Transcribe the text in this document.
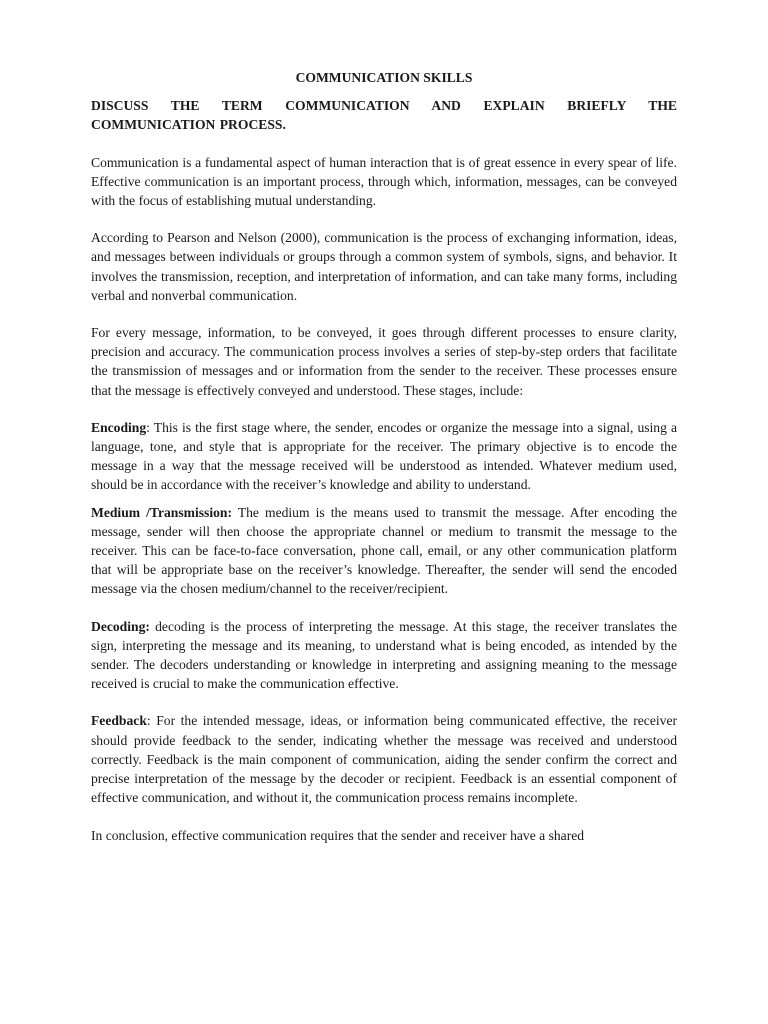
COMMUNICATION SKILLS
DISCUSS THE TERM COMMUNICATION AND EXPLAIN BRIEFLY THE COMMUNICATION PROCESS.

Communication is a fundamental aspect of human interaction that is of great essence in every spear of life. Effective communication is an important process, through which, information, messages, can be conveyed with the focus of establishing mutual understanding.

According to Pearson and Nelson (2000), communication is the process of exchanging information, ideas, and messages between individuals or groups through a common system of symbols, signs, and behavior. It involves the transmission, reception, and interpretation of information, and can take many forms, including verbal and nonverbal communication.

For every message, information, to be conveyed, it goes through different processes to ensure clarity, precision and accuracy. The communication process involves a series of step-by-step orders that facilitate the transmission of messages and or information from the sender to the receiver. These processes ensure that the message is effectively conveyed and understood. These stages, include:

Encoding: This is the first stage where, the sender, encodes or organize the message into a signal, using a language, tone, and style that is appropriate for the receiver. The primary objective is to encode the message in a way that the message received will be understood as intended. Whatever medium used, should be in accordance with the receiver’s knowledge and ability to understand.

Medium /Transmission: The medium is the means used to transmit the message. After encoding the message, sender will then choose the appropriate channel or medium to transmit the message to the receiver. This can be face-to-face conversation, phone call, email, or any other communication platform that will be appropriate base on the receiver’s knowledge. Thereafter, the sender will send the encoded message via the chosen medium/channel to the receiver/recipient.

Decoding: decoding is the process of interpreting the message. At this stage, the receiver translates the sign, interpreting the message and its meaning, to understand what is being encoded, as intended by the sender. The decoders understanding or knowledge in interpreting and assigning meaning to the message received is crucial to make the communication effective.

Feedback: For the intended message, ideas, or information being communicated effective, the receiver should provide feedback to the sender, indicating whether the message was received and understood correctly. Feedback is the main component of communication, aiding the sender confirm the correct and precise interpretation of the message by the decoder or recipient. Feedback is an essential component of effective communication, and without it, the communication process remains incomplete.

In conclusion, effective communication requires that the sender and receiver have a shared
